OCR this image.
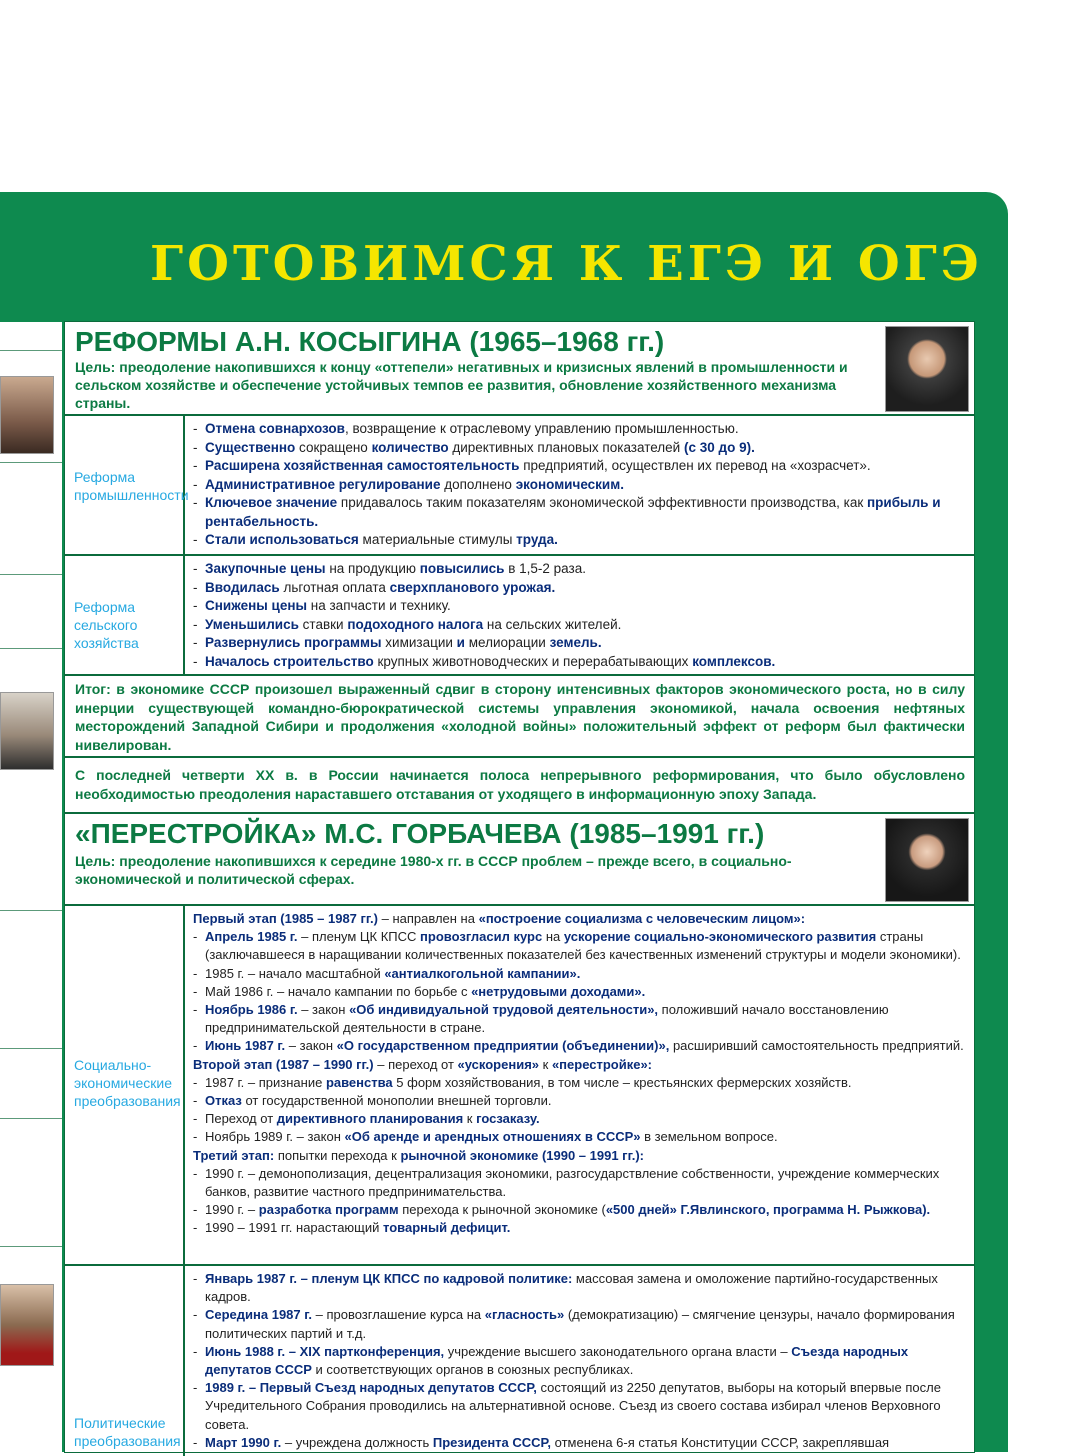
ГОТОВИМСЯ К ЕГЭ И ОГЭ
РЕФОРМЫ А.Н. КОСЫГИНА (1965–1968 гг.)
Цель: преодоление накопившихся к концу «оттепели» негативных и кризисных явлений в промышленности и сельском хозяйстве и обеспечение устойчивых темпов ее развития, обновление хозяйственного механизма страны.
Реформа промышленности
- Отмена совнархозов, возвращение к отраслевому управлению промышленностью.
- Существенно сокращено количество директивных плановых показателей (с 30 до 9).
- Расширена хозяйственная самостоятельность предприятий, осуществлен их перевод на «хозрасчет».
- Административное регулирование дополнено экономическим.
- Ключевое значение придавалось таким показателям экономической эффективности производства, как прибыль и рентабельность.
- Стали использоваться материальные стимулы труда.
Реформа сельского хозяйства
- Закупочные цены на продукцию повысились в 1,5-2 раза.
- Вводилась льготная оплата сверхпланового урожая.
- Снижены цены на запчасти и технику.
- Уменьшились ставки подоходного налога на сельских жителей.
- Развернулись программы химизации и мелиорации земель.
- Началось строительство крупных животноводческих и перерабатывающих комплексов.
Итог: в экономике СССР произошел выраженный сдвиг в сторону интенсивных факторов экономического роста, но в силу инерции существующей командно-бюрократической системы управления экономикой, начала освоения нефтяных месторождений Западной Сибири и продолжения «холодной войны» положительный эффект от реформ был фактически нивелирован.
С последней четверти XX в. в России начинается полоса непрерывного реформирования, что было обусловлено необходимостью преодоления нараставшего отставания от уходящего в информационную эпоху Запада.
«ПЕРЕСТРОЙКА» М.С. ГОРБАЧЕВА (1985–1991 гг.)
Цель: преодоление накопившихся к середине 1980-х гг. в СССР проблем – прежде всего, в социально-экономической и политической сферах.
Социально-экономические преобразования
Первый этап (1985 – 1987 гг.) – направлен на «построение социализма с человеческим лицом»:
- Апрель 1985 г. – пленум ЦК КПСС провозгласил курс на ускорение социально-экономического развития страны (заключавшееся в наращивании количественных показателей без качественных изменений структуры и модели экономики).
- 1985 г. – начало масштабной «антиалкогольной кампании».
- Май 1986 г. – начало кампании по борьбе с «нетрудовыми доходами».
- Ноябрь 1986 г. – закон «Об индивидуальной трудовой деятельности», положивший начало восстановлению предпринимательской деятельности в стране.
- Июнь 1987 г. – закон «О государственном предприятии (объединении)», расширивший самостоятельность предприятий.
Второй этап (1987 – 1990 гг.) – переход от «ускорения» к «перестройке»:
- 1987 г. – признание равенства 5 форм хозяйствования, в том числе – крестьянских фермерских хозяйств.
- Отказ от государственной монополии внешней торговли.
- Переход от директивного планирования к госзаказу.
- Ноябрь 1989 г. – закон «Об аренде и арендных отношениях в СССР» в земельном вопросе.
Третий этап: попытки перехода к рыночной экономике (1990 – 1991 гг.):
- 1990 г. – демонополизация, децентрализация экономики, разгосударствление собственности, учреждение коммерческих банков, развитие частного предпринимательства.
- 1990 г. – разработка программ перехода к рыночной экономике («500 дней» Г.Явлинского, программа Н. Рыжкова).
- 1990 – 1991 гг. нарастающий товарный дефицит.
Политические преобразования
- Январь 1987 г. – пленум ЦК КПСС по кадровой политике: массовая замена и омоложение партийно-государственных кадров.
- Середина 1987 г. – провозглашение курса на «гласность» (демократизацию) – смягчение цензуры, начало формирования политических партий и т.д.
- Июнь 1988 г. – XIX партконференция, учреждение высшего законодательного органа власти – Съезда народных депутатов СССР и соответствующих органов в союзных республиках.
- 1989 г. – Первый Съезд народных депутатов СССР, состоящий из 2250 депутатов, выборы на который впервые после Учредительного Собрания проводились на альтернативной основе. Съезд из своего состава избирал членов Верховного совета.
- Март 1990 г. – учреждена должность Президента СССР, отменена 6-я статья Конституции СССР, закреплявшая
